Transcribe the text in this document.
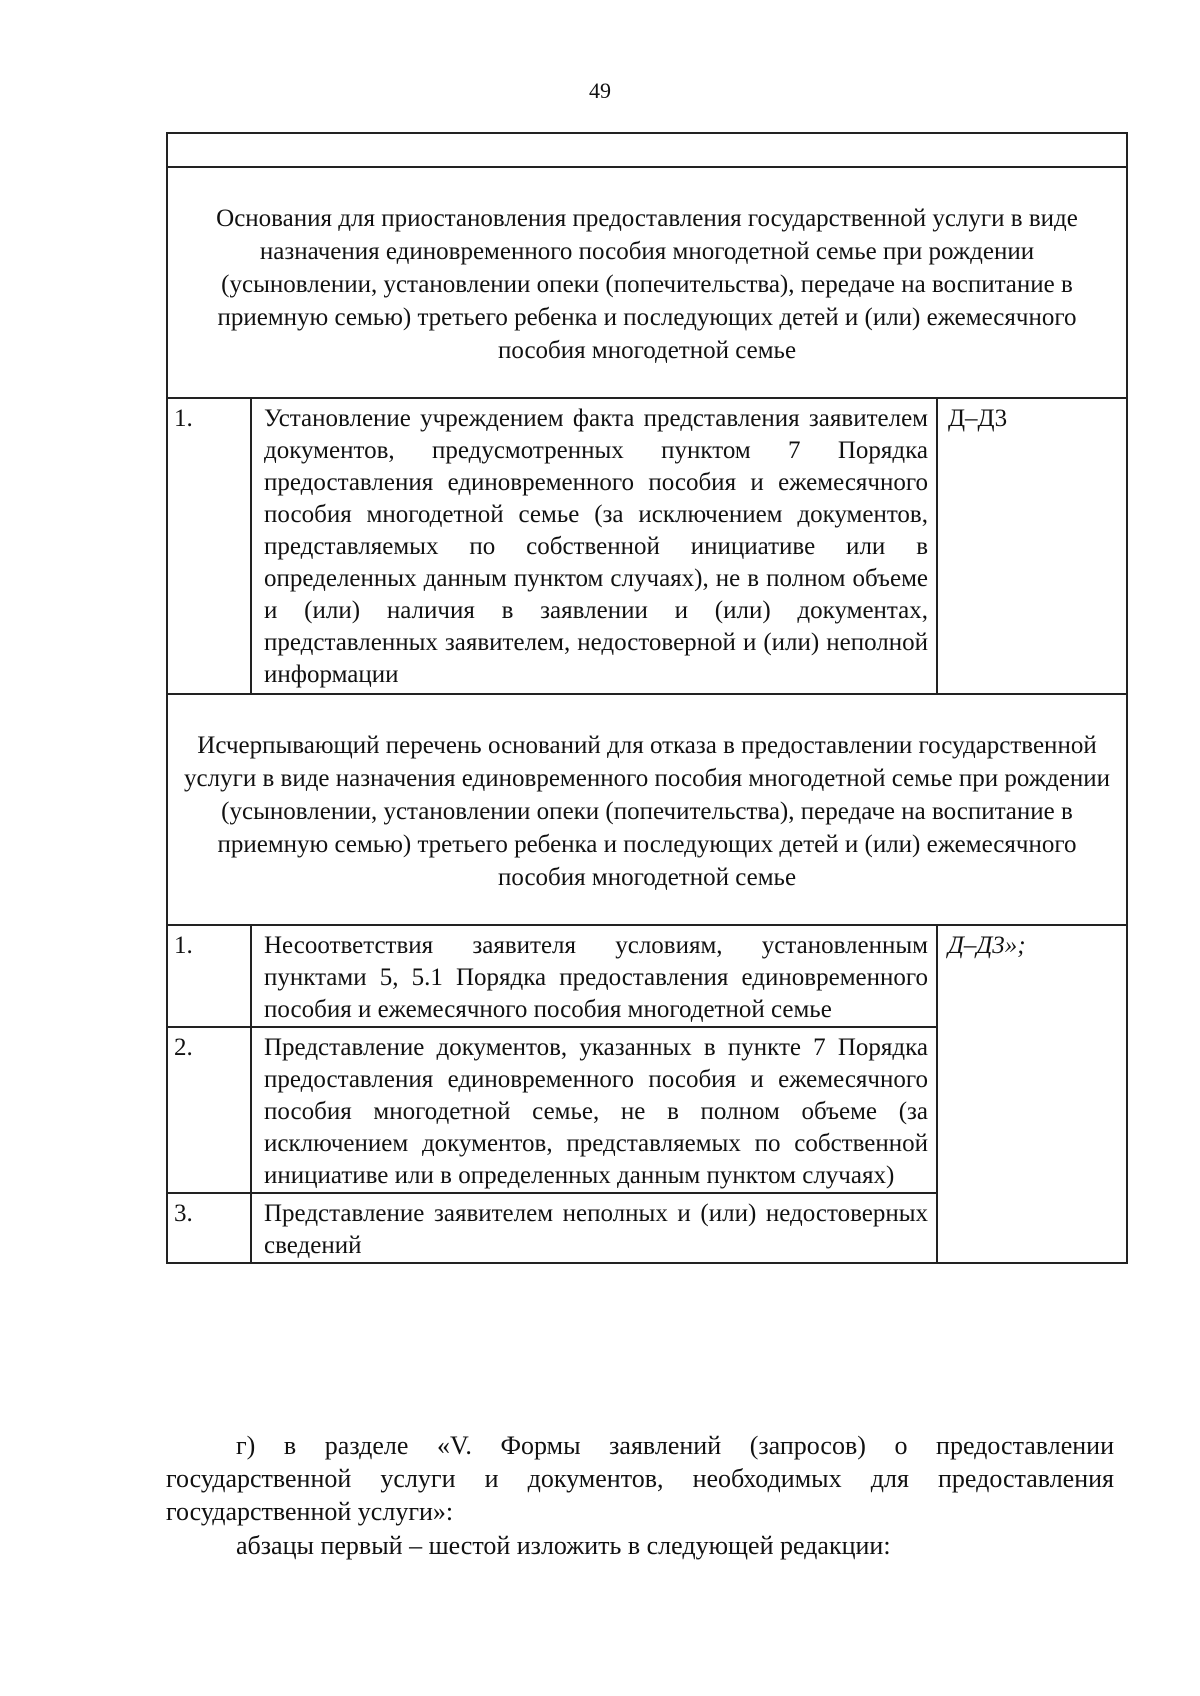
49

Основания для приостановления предоставления государственной услуги в виде назначения единовременного пособия многодетной семье при рождении (усыновлении, установлении опеки (попечительства), передаче на воспитание в приемную семью) третьего ребенка и последующих детей и (или) ежемесячного пособия многодетной семье		
1.	Установление учреждением факта представления заявителем документов, предусмотренных пунктом 7 Порядка предоставления единовременного пособия и ежемесячного пособия многодетной семье (за исключением документов, представляемых по собственной инициативе или в определенных данным пунктом случаях), не в полном объеме и (или) наличия в заявлении и (или) документах, представленных заявителем, недостоверной и (или) неполной информации	Д–Д3
Исчерпывающий перечень оснований для отказа в предоставлении государственной услуги в виде назначения единовременного пособия многодетной семье при рождении (усыновлении, установлении опеки (попечительства), передаче на воспитание в приемную семью) третьего ребенка и последующих детей и (или) ежемесячного пособия многодетной семье		
1.	Несоответствия заявителя условиям, установленным пунктами 5, 5.1 Порядка предоставления единовременного пособия и ежемесячного пособия многодетной семье	Д–Д3»;
2.	Представление документов, указанных в пункте 7 Порядка предоставления единовременного пособия и ежемесячного пособия многодетной семье, не в полном объеме (за исключением документов, представляемых по собственной инициативе или в определенных данным пунктом случаях)	
3.	Представление заявителем неполных и (или) недостоверных сведений	

г) в разделе «V. Формы заявлений (запросов) о предоставлении государственной услуги и документов, необходимых для предоставления государственной услуги»:

абзацы первый – шестой изложить в следующей редакции:
